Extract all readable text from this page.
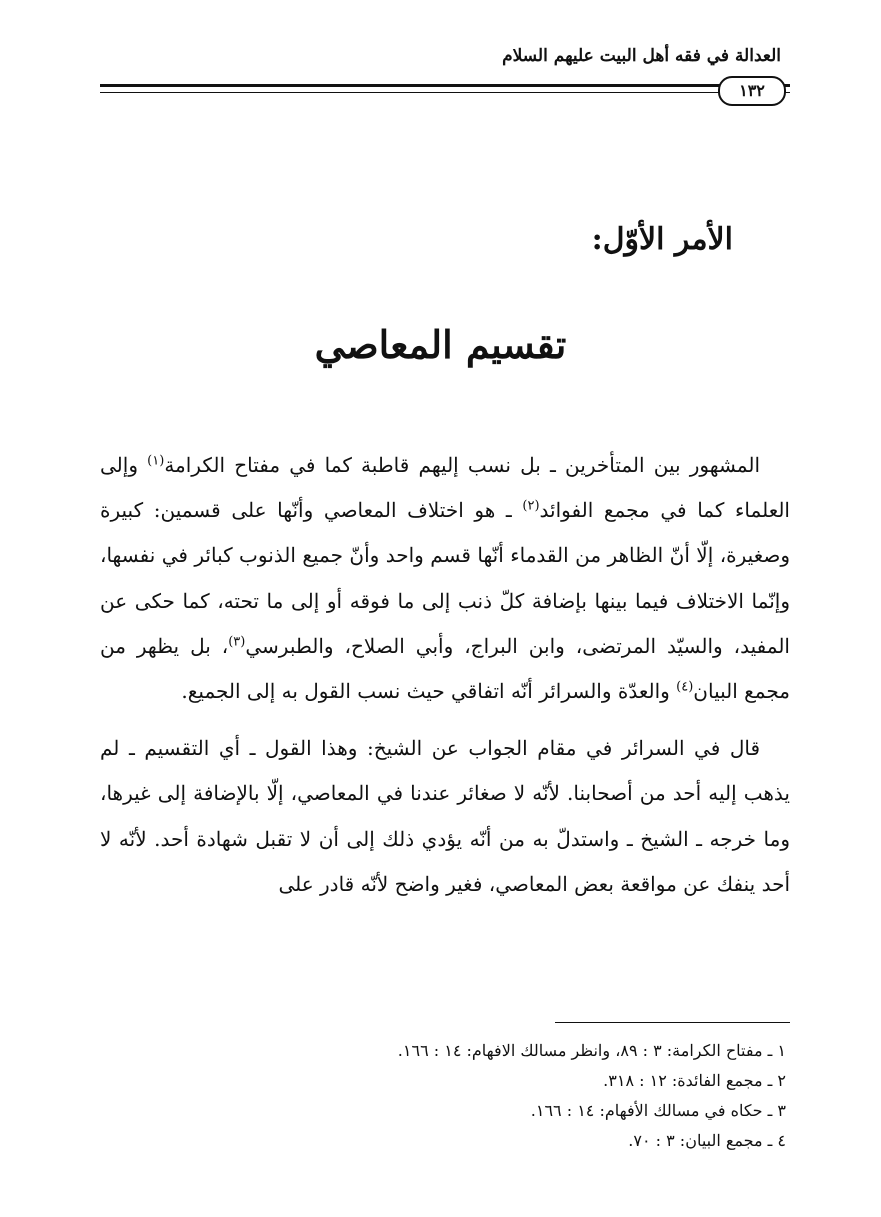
العدالة في فقه أهل البيت عليهم السلام
١٣٢
الأمر الأوّل:
تقسيم المعاصي

المشهور بين المتأخرين ـ بل نسب إليهم قاطبة كما في مفتاح الكرامة$^{(١)}$ وإلى العلماء كما في مجمع الفوائد$^{(٢)}$ ـ هو اختلاف المعاصي وأنّها على قسمين: كبيرة وصغيرة، إلّا أنّ الظاهر من القدماء أنّها قسم واحد وأنّ جميع الذنوب كبائر في نفسها، وإنّما الاختلاف فيما بينها بإضافة كلّ ذنب إلى ما فوقه أو إلى ما تحته، كما حكى عن المفيد، والسيّد المرتضى، وابن البراج، وأبي الصلاح، والطبرسي$^{(٣)}$، بل يظهر من مجمع البيان$^{(٤)}$ والعدّة والسرائر أنّه اتفاقي حيث نسب القول به إلى الجميع.

قال في السرائر في مقام الجواب عن الشيخ: وهذا القول ـ أي التقسيم ـ لم يذهب إليه أحد من أصحابنا. لأنّه لا صغائر عندنا في المعاصي، إلّا بالإضافة إلى غيرها، وما خرجه ـ الشيخ ـ واستدلّ به من أنّه يؤدي ذلك إلى أن لا تقبل شهادة أحد. لأنّه لا أحد ينفك عن مواقعة بعض المعاصي، فغير واضح لأنّه قادر على

١ ـ مفتاح الكرامة: ٣ : ٨٩، وانظر مسالك الافهام: ١٤ : ١٦٦.
٢ ـ مجمع الفائدة: ١٢ : ٣١٨.
٣ ـ حكاه في مسالك الأفهام: ١٤ : ١٦٦.
٤ ـ مجمع البيان: ٣ : ٧٠.
